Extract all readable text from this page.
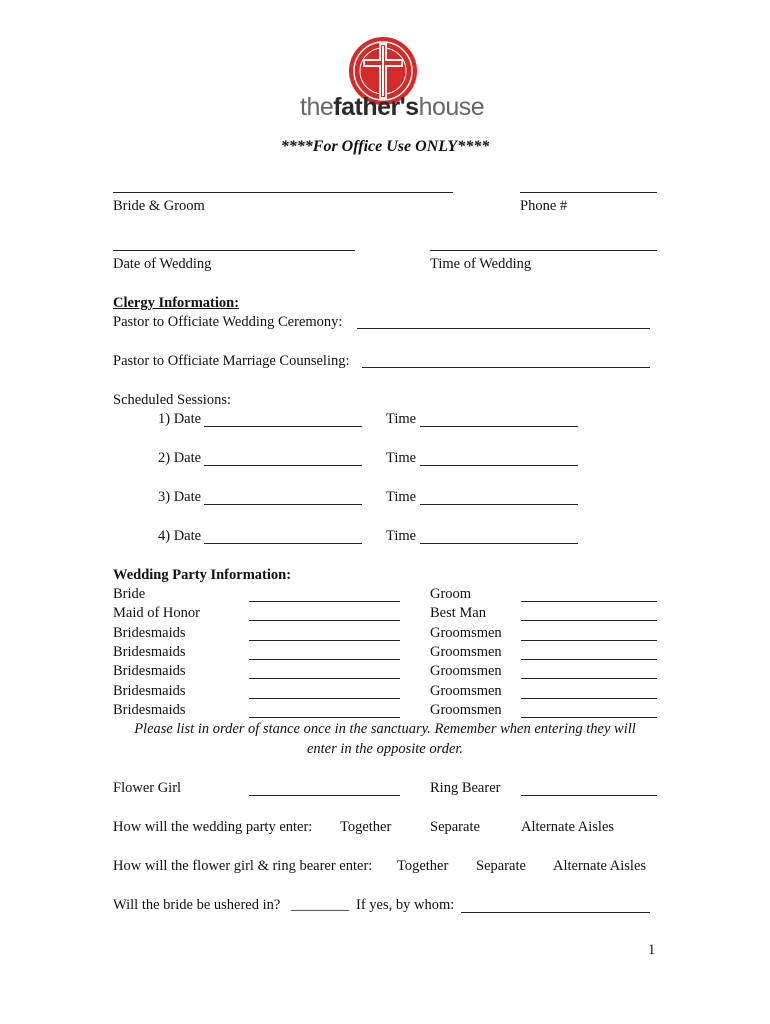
thefather'shouse
****For Office Use ONLY****
Bride & Groom	Phone #
Date of Wedding	Time of Wedding
Clergy Information:
Pastor to Officiate Wedding Ceremony:
Pastor to Officiate Marriage Counseling:
Scheduled Sessions:
1) Date	Time
2) Date	Time
3) Date	Time
4) Date	Time
Wedding Party Information:
Bride	Groom
Maid of Honor	Best Man
Bridesmaids	Groomsmen
Bridesmaids	Groomsmen
Bridesmaids	Groomsmen
Bridesmaids	Groomsmen
Bridesmaids	Groomsmen
Please list in order of stance once in the sanctuary. Remember when entering they will
enter in the opposite order.
Flower Girl	Ring Bearer
How will the wedding party enter: Together	Separate	Alternate Aisles
How will the flower girl & ring bearer enter: Together Separate Alternate Aisles
Will the bride be ushered in? ________ If yes, by whom:
1
